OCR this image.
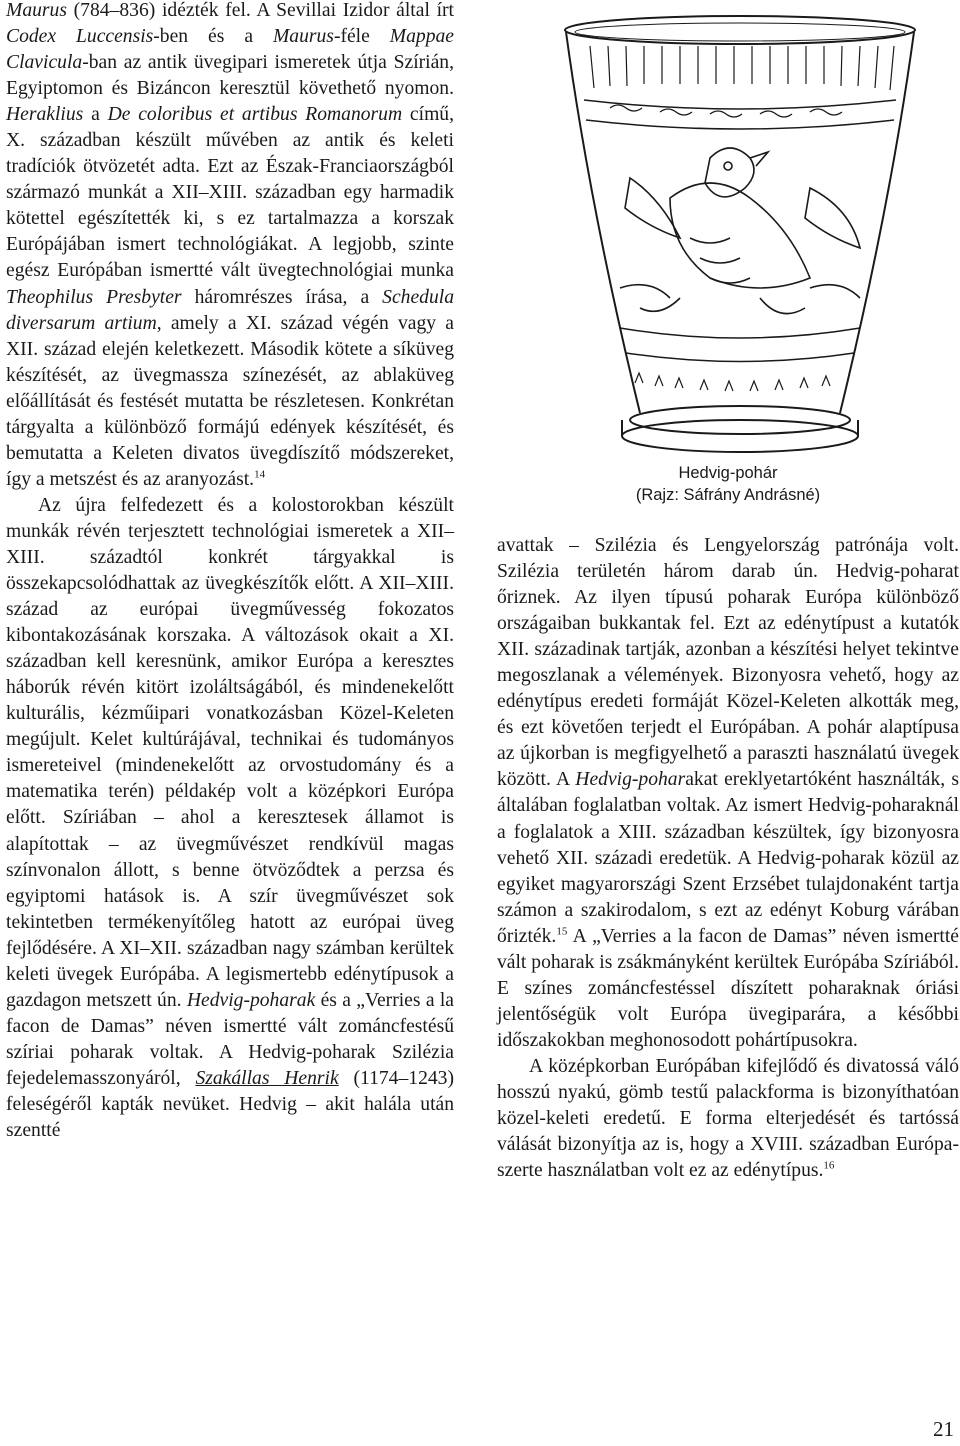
Maurus (784–836) idézték fel. A Sevillai Izidor által írt Codex Luccensis-ben és a Maurus-féle Mappae Clavicula-ban az antik üvegipari ismeretek útja Szírián, Egyiptomon és Bizáncon keresztül követhető nyomon. Heraklius a De coloribus et artibus Romanorum című, X. században készült művében az antik és keleti tradíciók ötvözetét adta. Ezt az Észak-Franciaországból származó munkát a XII–XIII. században egy harmadik kötettel egészítették ki, s ez tartalmazza a korszak Európájában ismert technológiákat. A legjobb, szinte egész Európában ismertté vált üvegtechnológiai munka Theophilus Presbyter háromrészes írása, a Schedula diversarum artium, amely a XI. század végén vagy a XII. század elején keletkezett. Második kötete a síküveg készítését, az üvegmassza színezését, az ablaküveg előállítását és festését mutatta be részletesen. Konkrétan tárgyalta a különböző formájú edények készítését, és bemutatta a Keleten divatos üvegdíszítő módszereket, így a metszést és az aranyozást.$^{14}$

Az újra felfedezett és a kolostorokban készült munkák révén terjesztett technológiai ismeretek a XII–XIII. századtól konkrét tárgyakkal is összekapcsolódhattak az üvegkészítők előtt. A XII–XIII. század az európai üvegművesség fokozatos kibontakozásának korszaka. A változások okait a XI. században kell keresnünk, amikor Európa a keresztes háborúk révén kitört izoláltságából, és mindenekelőtt kulturális, kézműipari vonatkozásban Közel-Keleten megújult. Kelet kultúrájával, technikai és tudományos ismereteivel (mindenekelőtt az orvostudomány és a matematika terén) példakép volt a középkori Európa előtt. Szíriában – ahol a keresztesek államot is alapítottak – az üvegművészet rendkívül magas színvonalon állott, s benne ötvöződtek a perzsa és egyiptomi hatások is. A szír üvegművészet sok tekintetben termékenyítőleg hatott az európai üveg fejlődésére. A XI–XII. században nagy számban kerültek keleti üvegek Európába. A legismertebb edénytípusok a gazdagon metszett ún. Hedvig-poharak és a „Verries a la facon de Damas” néven ismertté vált zománcfestésű szíriai poharak voltak. A Hedvig-poharak Szilézia fejedelemasszonyáról, Szakállas Henrik (1174–1243) feleségéről kapták nevüket. Hedvig – akit halála után szentté

Hedvig-pohár
(Rajz: Sáfrány Andrásné)

avattak – Szilézia és Lengyelország patrónája volt. Szilézia területén három darab ún. Hedvig-poharat őriznek. Az ilyen típusú poharak Európa különböző országaiban bukkantak fel. Ezt az edénytípust a kutatók XII. századinak tartják, azonban a készítési helyet tekintve megoszlanak a vélemények. Bizonyosra vehető, hogy az edénytípus eredeti formáját Közel-Keleten alkották meg, és ezt követően terjedt el Európában. A pohár alaptípusa az újkorban is megfigyelhető a paraszti használatú üvegek között. A Hedvig-poharakat ereklyetartóként használták, s általában foglalatban voltak. Az ismert Hedvig-poharaknál a foglalatok a XIII. században készültek, így bizonyosra vehető XII. századi eredetük. A Hedvig-poharak közül az egyiket magyarországi Szent Erzsébet tulajdonaként tartja számon a szakirodalom, s ezt az edényt Koburg várában őrizték.$^{15}$ A „Verries a la facon de Damas” néven ismertté vált poharak is zsákmányként kerültek Európába Szíriából. E színes zománcfestéssel díszített poharaknak óriási jelentőségük volt Európa üvegiparára, a későbbi időszakokban meghonosodott pohártípusokra.

A középkorban Európában kifejlődő és divatossá váló hosszú nyakú, gömb testű palackforma is bizonyíthatóan közel-keleti eredetű. E forma elterjedését és tartóssá válását bizonyítja az is, hogy a XVIII. században Európa-szerte használatban volt ez az edénytípus.$^{16}$

21
